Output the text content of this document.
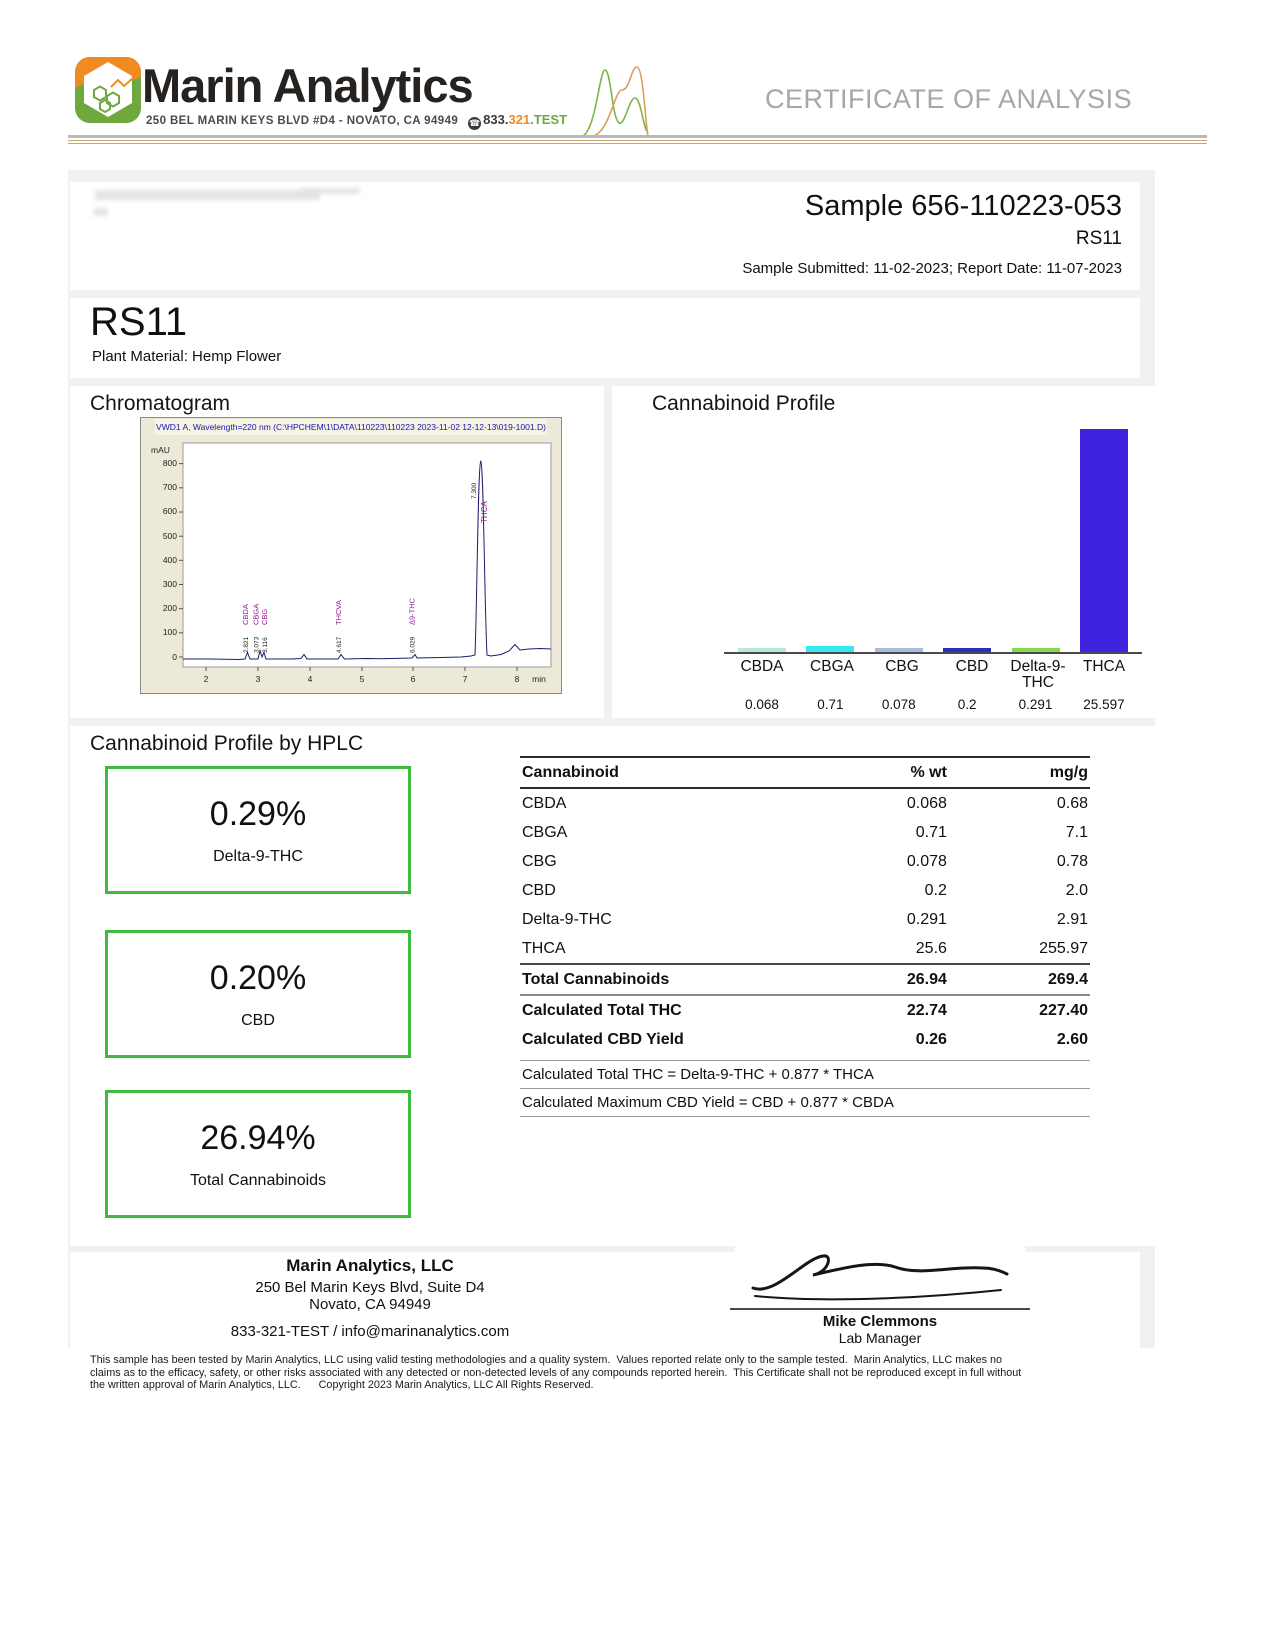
Marin Analytics
250 BEL MARIN KEYS BLVD #D4 - NOVATO, CA 94949 ☎ 833.321.TEST
CERTIFICATE OF ANALYSIS
Sample 656-110223-053
RS11
Sample Submitted: 11-02-2023; Report Date: 11-07-2023
RS11
Plant Material: Hemp Flower
Chromatogram
VWD1 A, Wavelength=220 nm (C:\HPCHEM\1\DATA\110223\110223 2023-11-02 12-12-13\019-1001.D)
800
700
600
500
400
300
200
100
0
mAU
2	3	4	5	6	7	8 min
2.821
CBDA
3.073
CBGA
3.116
CBG
4.617
THCVA
6.029
Δ9-THC
7.300
THCA
Cannabinoid Profile
CBDA	CBGA	CBG	CBD	Delta-9-THC
THCA
0.068	0.71	0.078	0.2	0.291	25.597
Cannabinoid Profile by HPLC
0.29%
Delta-9-THC
0.20%
CBD
26.94%
Total Cannabinoids
Cannabinoid	% wt	mg/g
CBDA	0.068	0.68
CBGA	0.71	7.1
CBG	0.078	0.78
CBD	0.2	2.0
Delta-9-THC	0.291	2.91
THCA	25.6	255.97
Total Cannabinoids	26.94	269.4
Calculated Total THC	22.74	227.40
Calculated CBD Yield	0.26	2.60
Calculated Total THC = Delta-9-THC + 0.877 * THCA
Calculated Maximum CBD Yield = CBD + 0.877 * CBDA
Marin Analytics, LLC
250 Bel Marin Keys Blvd, Suite D4
Novato, CA 94949
833-321-TEST / info@marinanalytics.com
Mike Clemmons
Lab Manager
This sample has been tested by Marin Analytics, LLC using valid testing methodologies and a quality system.  Values reported relate only to the sample tested.  Marin Analytics, LLC makes no
claims as to the efficacy, safety, or other risks associated with any detected or non-detected levels of any compounds reported herein.  This Certificate shall not be reproduced except in full without
the written approval of Marin Analytics, LLC.      Copyright 2023 Marin Analytics, LLC All Rights Reserved.
